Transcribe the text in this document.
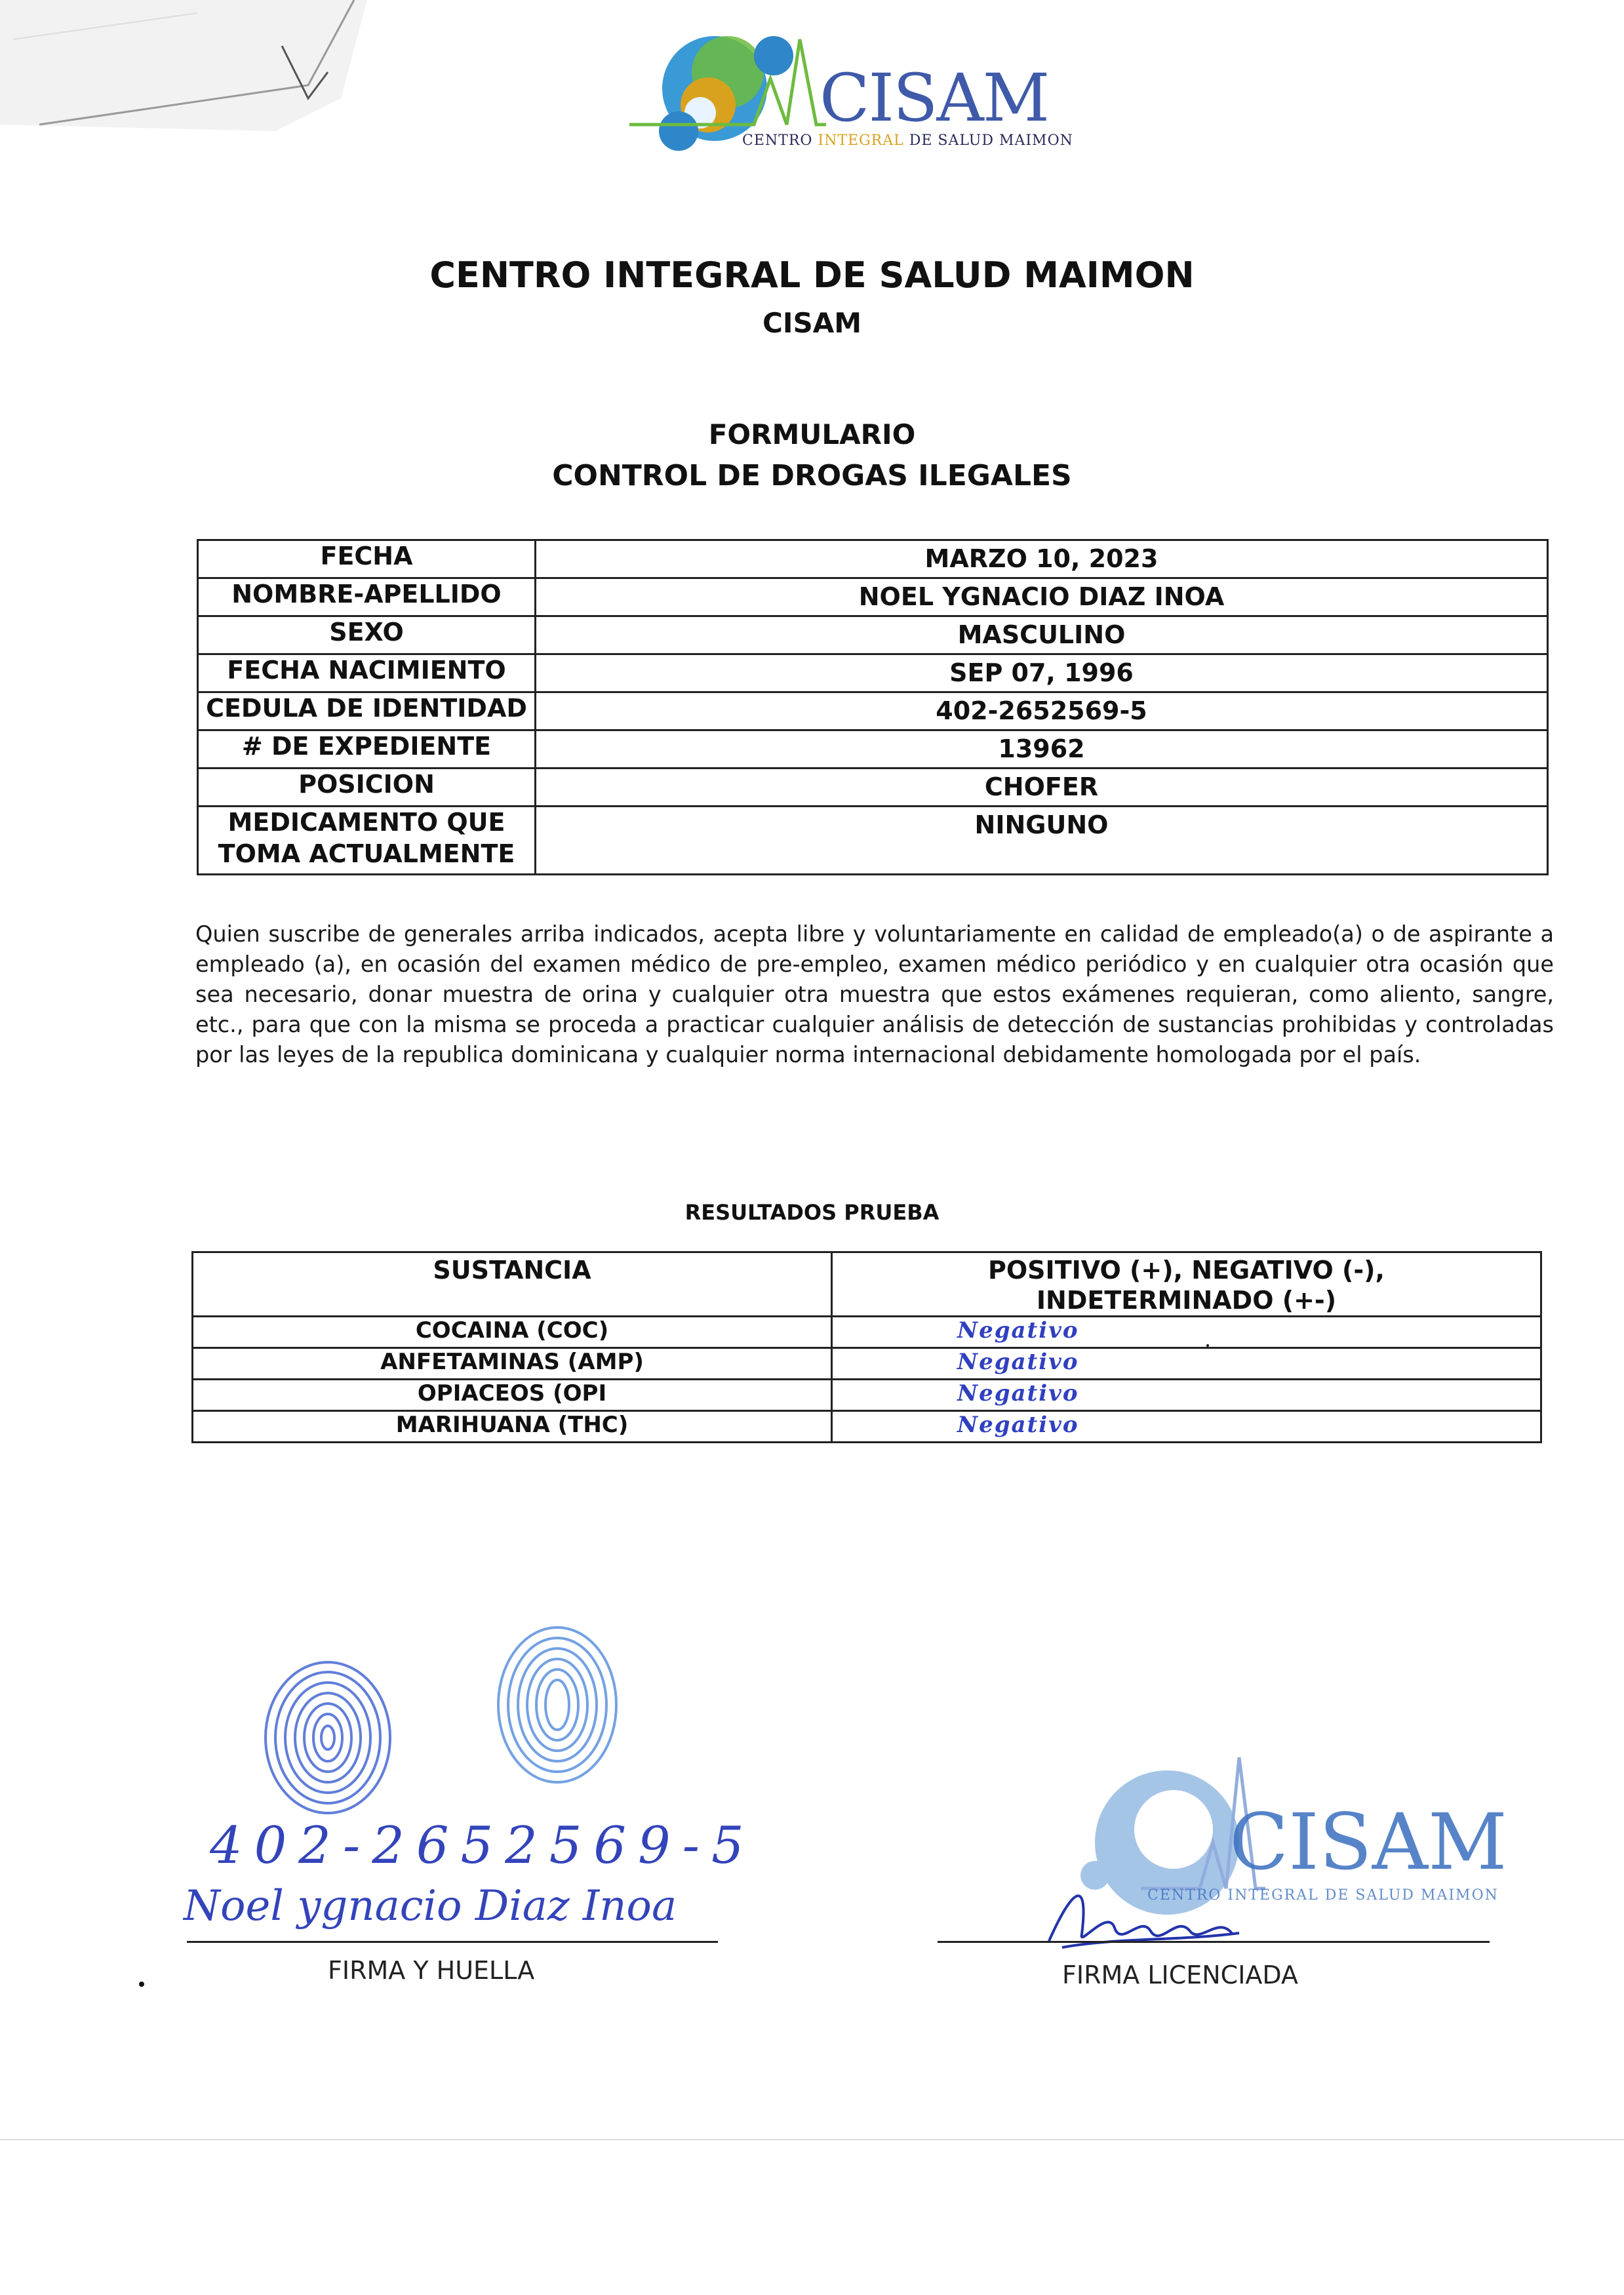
CISAM
CENTRO INTEGRAL DE SALUD MAIMON
CENTRO INTEGRAL DE SALUD MAIMON
CISAM
FORMULARIO
CONTROL DE DROGAS ILEGALES
FECHA	MARZO 10, 2023
NOMBRE-APELLIDO	NOEL YGNACIO DIAZ INOA
SEXO	MASCULINO
FECHA NACIMIENTO	SEP 07, 1996
CEDULA DE IDENTIDAD	402-2652569-5
# DE EXPEDIENTE	13962
POSICION	CHOFER
MEDICAMENTO QUE
TOMA ACTUALMENTE	NINGUNO
Quien suscribe de generales arriba indicados, acepta libre y voluntariamente en calidad de empleado(a) o de aspirante a empleado (a), en ocasión del examen médico de pre-empleo, examen médico periódico y en cualquier otra ocasión que sea necesario, donar muestra de orina y cualquier otra muestra que estos exámenes requieran, como aliento, sangre, etc., para que con la misma se proceda a practicar cualquier análisis de detección de sustancias prohibidas y controladas por las leyes de la republica dominicana y cualquier norma internacional debidamente homologada por el país.
RESULTADOS PRUEBA
SUSTANCIA	POSITIVO (+), NEGATIVO (-),
INDETERMINADO (+-)
COCAINA (COC)	Negativo
ANFETAMINAS (AMP)	Negativo
OPIACEOS (OPI	Negativo
MARIHUANA (THC)	Negativo
CISAM
CENTRO INTEGRAL DE SALUD MAIMON
402-2652569-5
Noel ygnacio Diaz Inoa
FIRMA Y HUELLA	FIRMA LICENCIADA
